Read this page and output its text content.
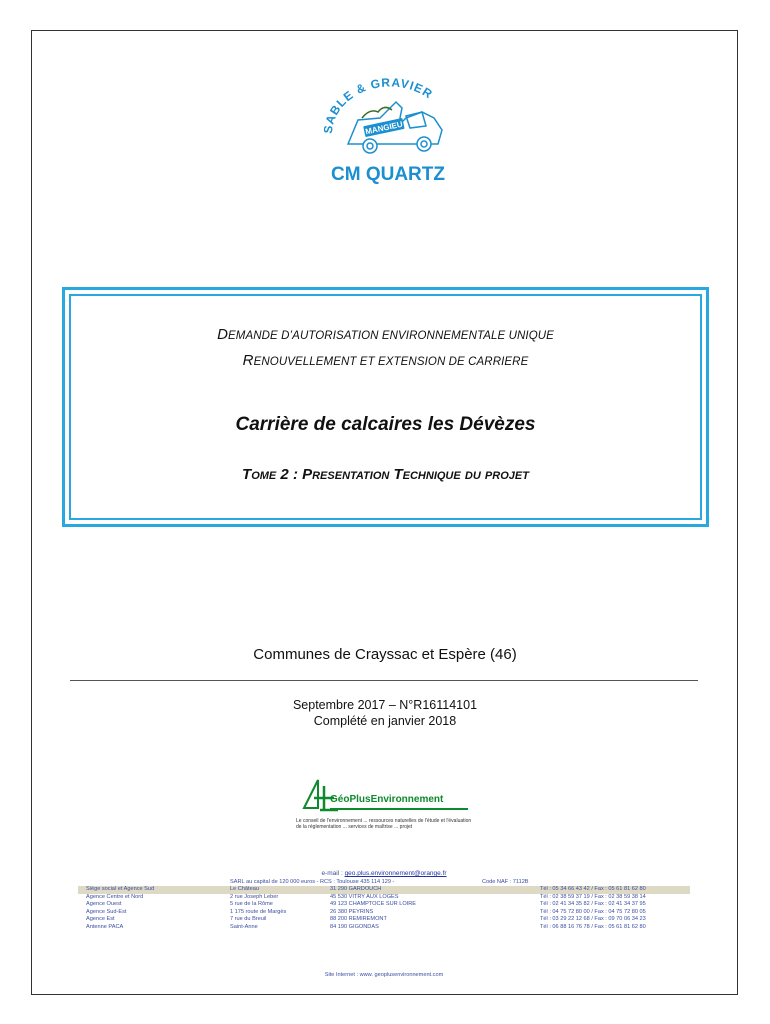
SABLE & GRAVIER
MANGIEU
CM QUARTZ
DEMANDE D’AUTORISATION ENVIRONNEMENTALE UNIQUE
RENOUVELLEMENT ET EXTENSION DE CARRIERE
Carrière de calcaires les Dévèzes
Tome 2 : Presentation Technique du projet
Communes de Crayssac et Espère (46)
Septembre 2017 – N°R16114101
Complété en janvier 2018
GéoPlusEnvironnement
Le conseil de l'environnement ... ressources naturelles de l'étude et l'évaluation de la réglementation ... services de maîtrise ... projet
e-mail : geo.plus.environnement@orange.fr
SARL au capital de 120 000 euros - RCS : Toulouse 435 114 129 -	Code NAF : 7112B
Siège social et Agence Sud	Le Château	31 290 GARDOUCH	Tél : 05 34 66 43 42 / Fax : 05 61 81 62 80
Agence Centre et Nord	2 rue Joseph Leber	45 530 VITRY AUX LOGES	Tél : 02 38 59 37 19 / Fax : 02 38 59 38 14
Agence Ouest	5 rue de la Rôme	49 123 CHAMPTOCE SUR LOIRE	Tél : 02 41 34 35 82 / Fax : 02 41 34 37 95
Agence Sud-Est	1 175 route de Margès	26 380 PEYRINS	Tél : 04 75 72 80 00 / Fax : 04 75 72 80 05
Agence Est	7 rue du Breuil	88 200 REMIREMONT	Tél : 03 29 22 12 68 / Fax : 09 70 06 34 23
Antenne PACA	Saint-Anne	84 190 GIGONDAS	Tél : 06 88 16 76 78 / Fax : 05 61 81 62 80
Site Internet : www. geoplusenvironnement.com
